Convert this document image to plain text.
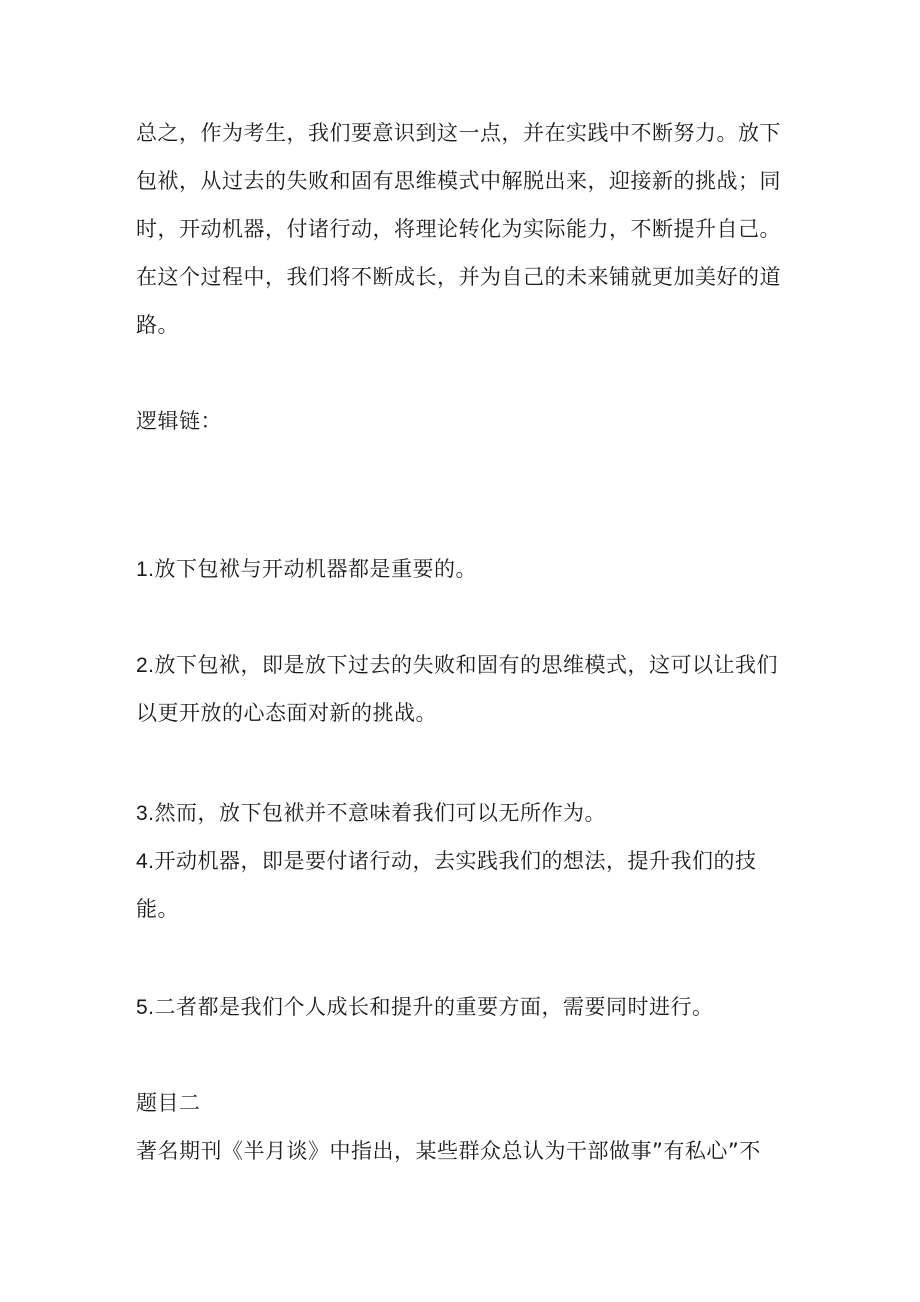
总之，作为考生，我们要意识到这一点，并在实践中不断努力。放下
包袱，从过去的失败和固有思维模式中解脱出来，迎接新的挑战；同
时，开动机器，付诸行动，将理论转化为实际能力，不断提升自己。
在这个过程中，我们将不断成长，并为自己的未来铺就更加美好的道
路。
逻辑链：
1.放下包袱与开动机器都是重要的。
2.放下包袱，即是放下过去的失败和固有的思维模式，这可以让我们
以更开放的心态面对新的挑战。
3.然而，放下包袱并不意味着我们可以无所作为。
4.开动机器，即是要付诸行动，去实践我们的想法，提升我们的技
能。
5.二者都是我们个人成长和提升的重要方面，需要同时进行。
题目二
著名期刊《半月谈》中指出，某些群众总认为干部做事”有私心”不
